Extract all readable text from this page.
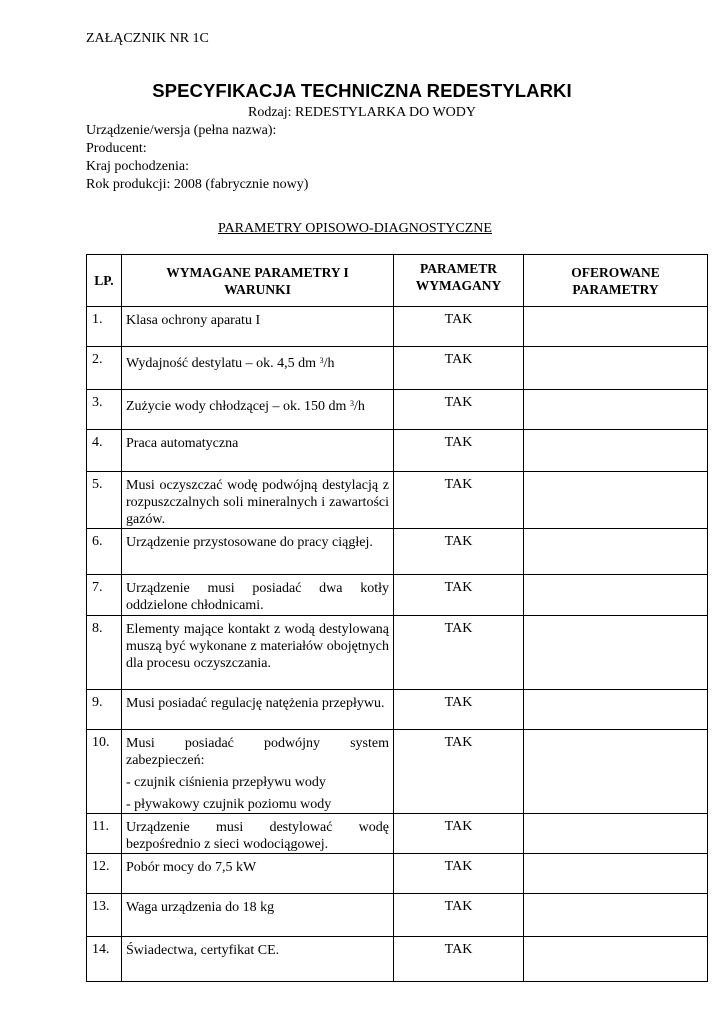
ZAŁĄCZNIK NR 1C
SPECYFIKACJA TECHNICZNA REDESTYLARKI
Rodzaj: REDESTYLARKA DO WODY
Urządzenie/wersja (pełna nazwa):
Producent:
Kraj pochodzenia:
Rok produkcji: 2008 (fabrycznie nowy)
PARAMETRY OPISOWO-DIAGNOSTYCZNE
LP.	WYMAGANE PARAMETRY I WARUNKI	PARAMETR WYMAGANY	OFEROWANE PARAMETRY
1.	Klasa ochrony aparatu I	TAK	
2.	Wydajność destylatu – ok. 4,5 dm $^3$/h	TAK	
3.	Zużycie wody chłodzącej – ok. 150 dm $^3$/h	TAK	
4.	Praca automatyczna	TAK	
5.	Musi oczyszczać wodę podwójną destylacją z rozpuszczalnych soli mineralnych i zawartości gazów.	TAK	
6.	Urządzenie przystosowane do pracy ciągłej.	TAK	
7.	Urządzenie musi posiadać dwa kotły oddzielone chłodnicami.	TAK	
8.	Elementy mające kontakt z wodą destylowaną muszą być wykonane z materiałów obojętnych dla procesu oczyszczania.	TAK	
9.	Musi posiadać regulację natężenia przepływu.	TAK	
10.	Musi posiadać podwójny system zabezpieczeń:
- czujnik ciśnienia przepływu wody
- pływakowy czujnik poziomu wody	TAK	
11.	Urządzenie musi destylować wodę bezpośrednio z sieci wodociągowej.	TAK	
12.	Pobór mocy do 7,5 kW	TAK	
13.	Waga urządzenia do 18 kg	TAK	
14.	Świadectwa, certyfikat CE.	TAK	
